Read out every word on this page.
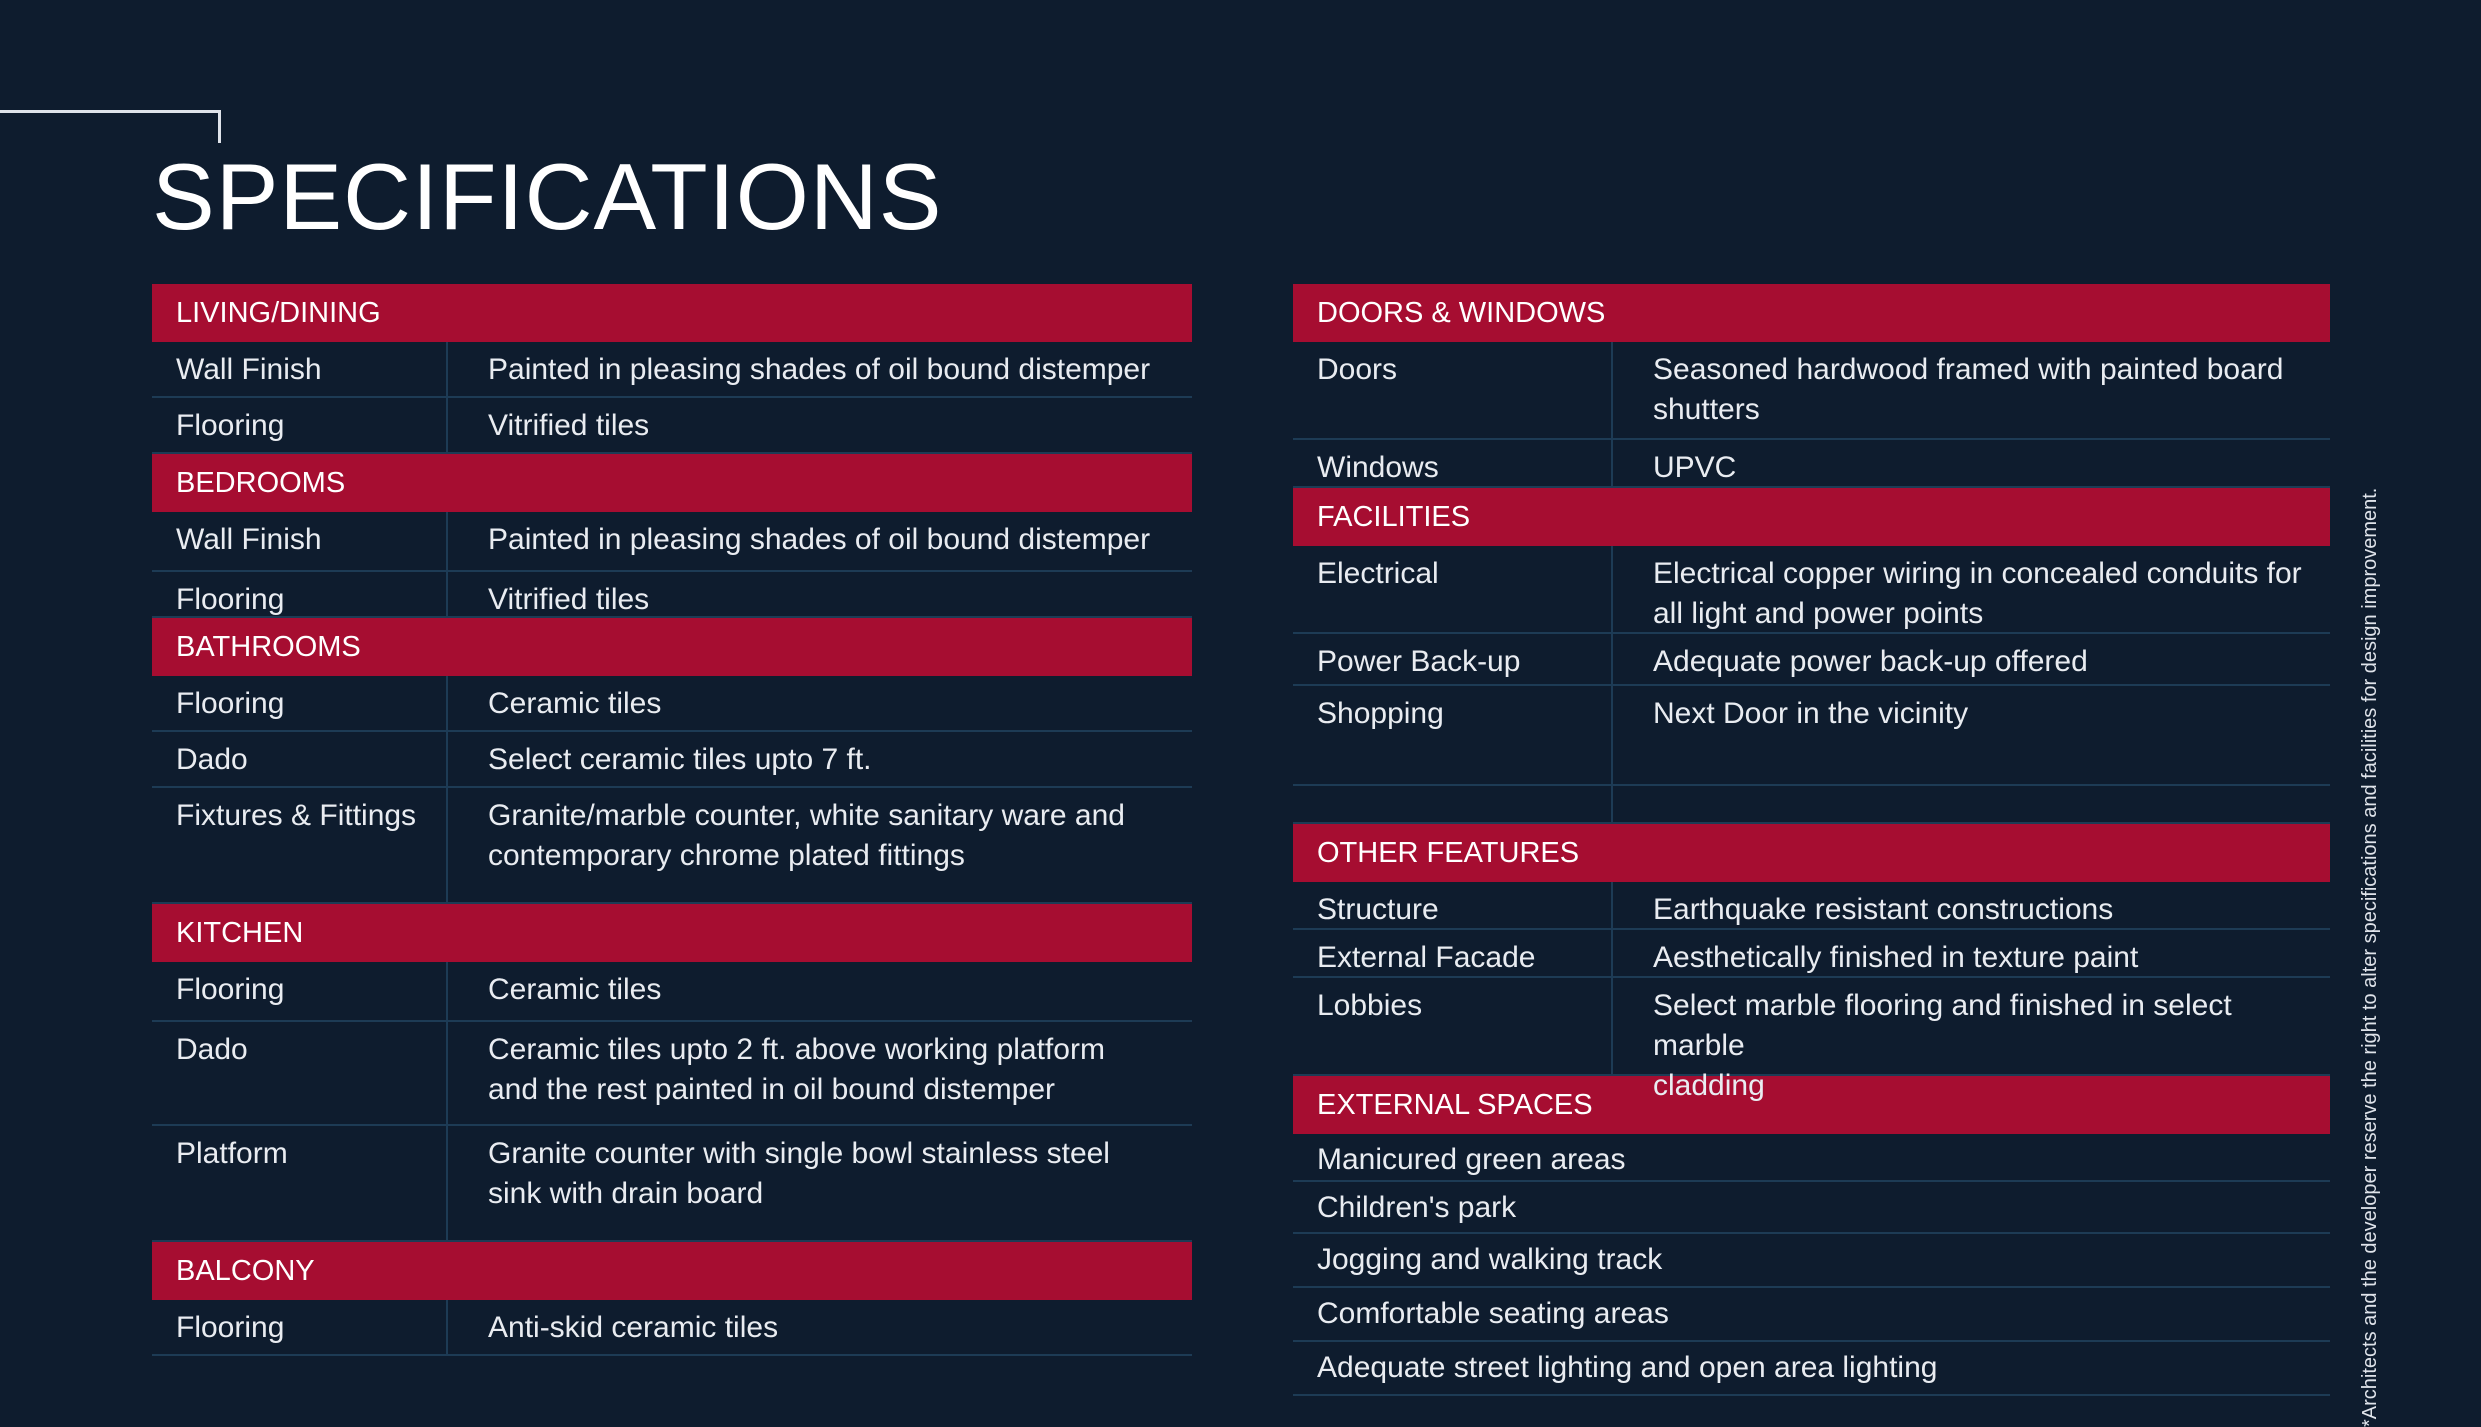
SPECIFICATIONS
LIVING/DINING
Wall Finish	Painted in pleasing shades of oil bound distemper
Flooring	Vitrified tiles
BEDROOMS
Wall Finish	Painted in pleasing shades of oil bound distemper
Flooring	Vitrified tiles
BATHROOMS
Flooring	Ceramic tiles
Dado	Select ceramic tiles upto 7 ft.
Fixtures & Fittings	Granite/marble counter, white sanitary ware and
contemporary chrome plated fittings
KITCHEN
Flooring	Ceramic tiles
Dado	Ceramic tiles upto 2 ft. above working platform
and the rest painted in oil bound distemper
Platform	Granite counter with single bowl stainless steel
sink with drain board
BALCONY
Flooring	Anti-skid ceramic tiles
DOORS & WINDOWS
Doors	Seasoned hardwood framed with painted board
shutters
Windows	UPVC
FACILITIES
Electrical	Electrical copper wiring in concealed conduits for
all light and power points
Power Back-up	Adequate power back-up offered
Shopping	Next Door in the vicinity
OTHER FEATURES
Structure	Earthquake resistant constructions
External Facade	Aesthetically finished in texture paint
Lobbies	Select marble flooring and finished in select marble
cladding
EXTERNAL SPACES
Manicured green areas
Children's park
Jogging and walking track
Comfortable seating areas
Adequate street lighting and open area lighting	*Architects and the developer reserve the right to alter specifications and facilities for design improvement.
